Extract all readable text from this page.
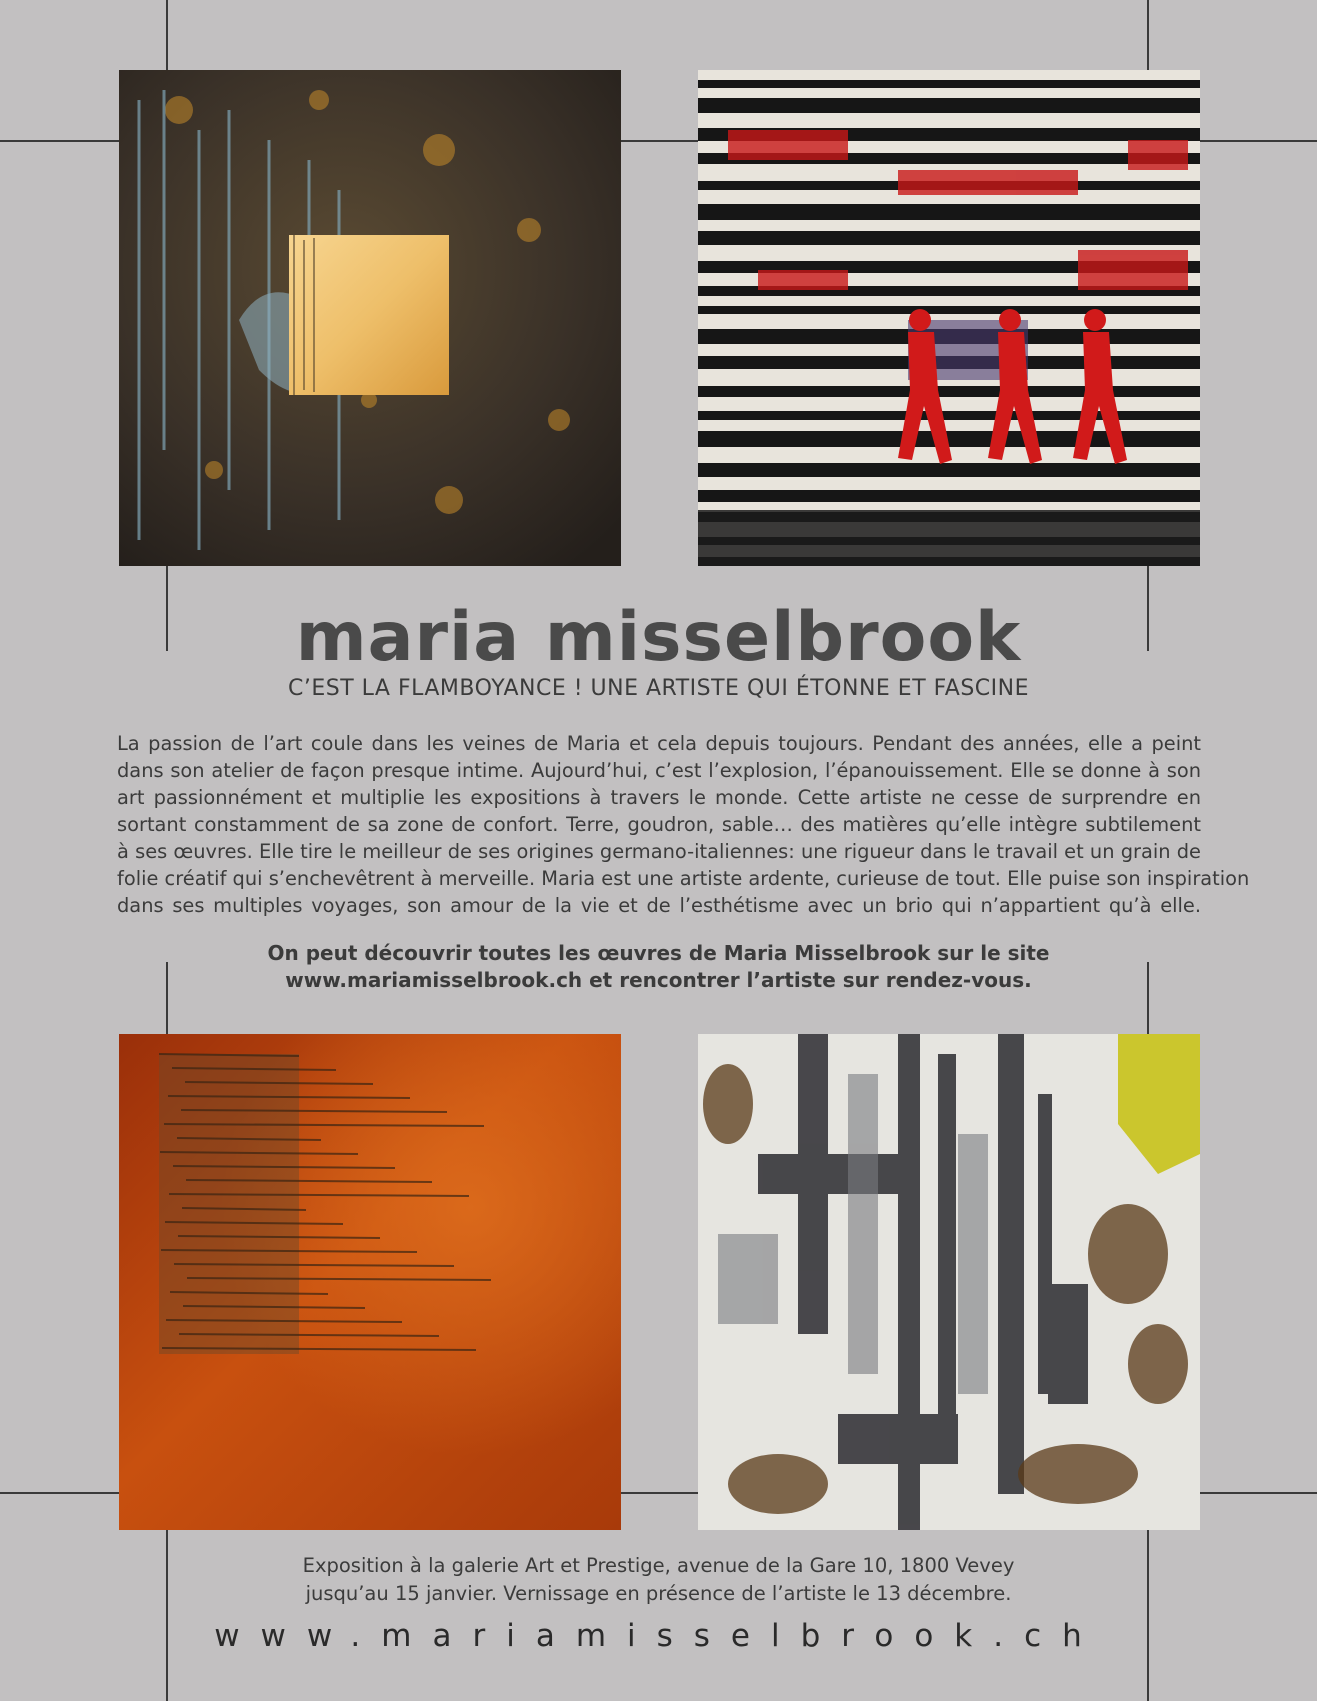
maria misselbrook
C’EST LA FLAMBOYANCE ! UNE ARTISTE QUI ÉTONNE ET FASCINE

La passion de l’art coule dans les veines de Maria et cela depuis toujours. Pendant des années, elle a peint
dans son atelier de façon presque intime. Aujourd’hui, c’est l’explosion, l’épanouissement. Elle se donne à son
art passionnément et multiplie les expositions à travers le monde. Cette artiste ne cesse de surprendre en
sortant constamment de sa zone de confort. Terre, goudron, sable… des matières qu’elle intègre subtilement
à ses œuvres. Elle tire le meilleur de ses origines germano-italiennes: une rigueur dans le travail et un grain de
folie créatif qui s’enchevêtrent à merveille. Maria est une artiste ardente, curieuse de tout. Elle puise son inspiration
dans ses multiples voyages, son amour de la vie et de l’esthétisme avec un brio qui n’appartient qu’à elle.

On peut découvrir toutes les œuvres de Maria Misselbrook sur le site
www.mariamisselbrook.ch et rencontrer l’artiste sur rendez-vous.
Exposition à la galerie Art et Prestige, avenue de la Gare 10, 1800 Vevey
jusqu’au 15 janvier. Vernissage en présence de l’artiste le 13 décembre.
www.mariamisselbrook.ch
